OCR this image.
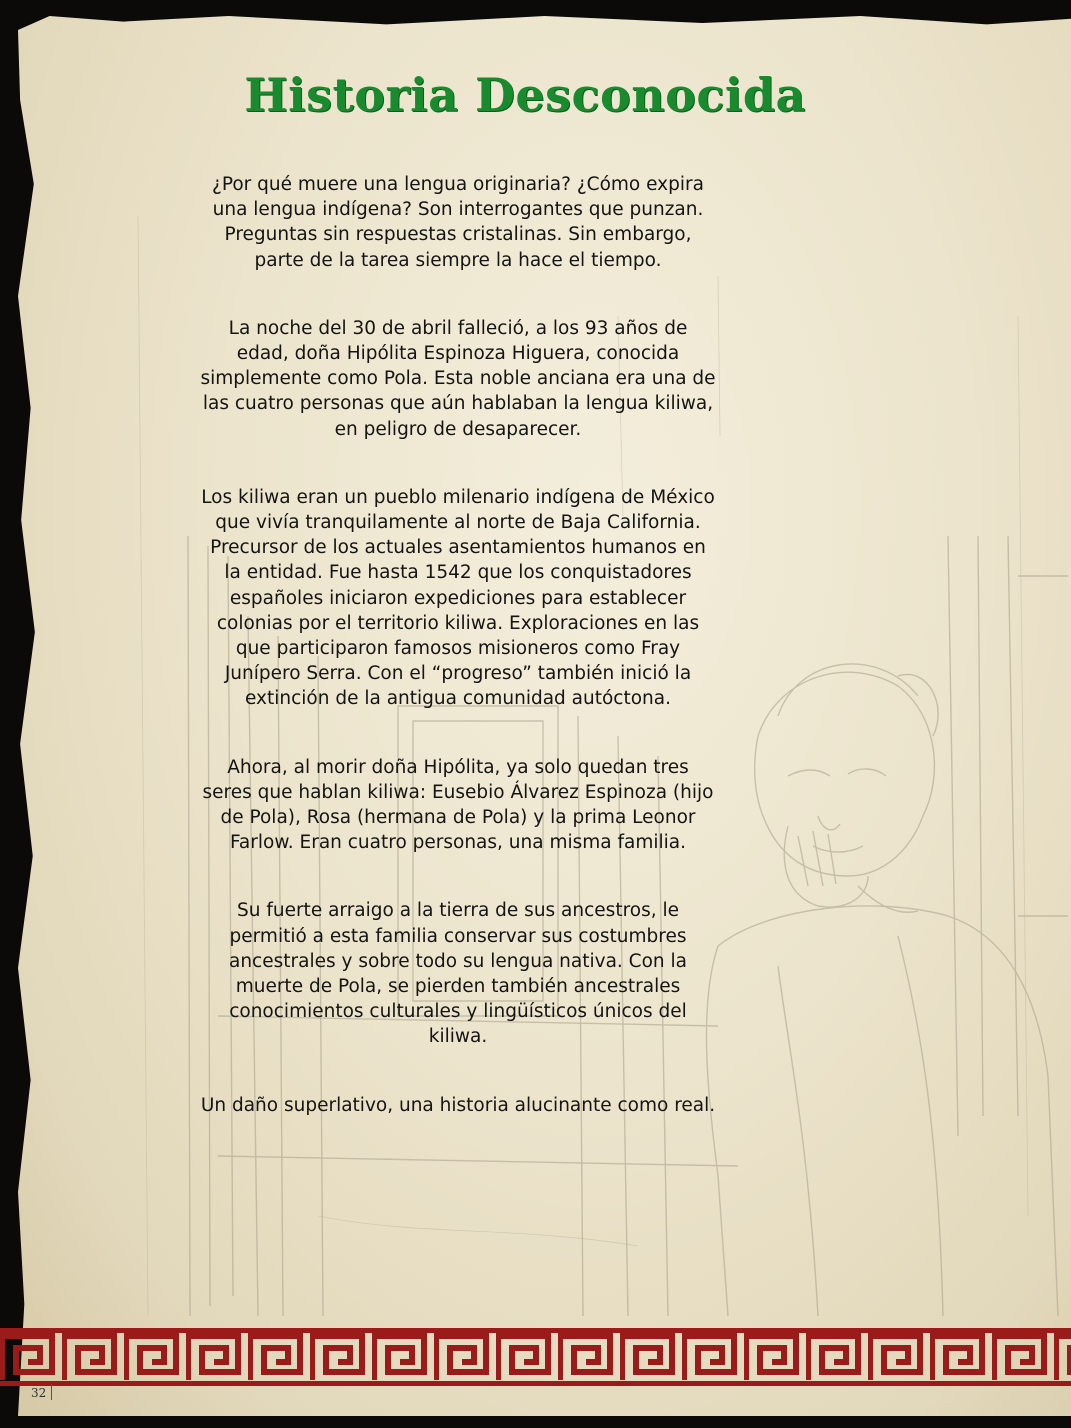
Historia Desconocida

¿Por qué muere una lengua originaria? ¿Cómo expira una lengua indígena? Son interrogantes que punzan. Preguntas sin respuestas cristalinas. Sin embargo, parte de la tarea siempre la hace el tiempo.

La noche del 30 de abril falleció, a los 93 años de edad, doña Hipólita Espinoza Higuera, conocida simplemente como Pola. Esta noble anciana era una de las cuatro personas que aún hablaban la lengua kiliwa, en peligro de desaparecer.

Los kiliwa eran un pueblo milenario indígena de México que vivía tranquilamente al norte de Baja California. Precursor de los actuales asentamientos humanos en la entidad. Fue hasta 1542 que los conquistadores españoles iniciaron expediciones para establecer colonias por el territorio kiliwa. Exploraciones en las que participaron famosos misioneros como Fray Junípero Serra. Con el “progreso” también inició la extinción de la antigua comunidad autóctona.

Ahora, al morir doña Hipólita, ya solo quedan tres seres que hablan kiliwa: Eusebio Álvarez Espinoza (hijo de Pola), Rosa (hermana de Pola) y la prima Leonor Farlow. Eran cuatro personas, una misma familia.

Su fuerte arraigo a la tierra de sus ancestros, le permitió a esta familia conservar sus costumbres ancestrales y sobre todo su lengua nativa. Con la muerte de Pola, se pierden también ancestrales conocimientos culturales y lingüísticos únicos del kiliwa.

Un daño superlativo, una historia alucinante como real.

32
